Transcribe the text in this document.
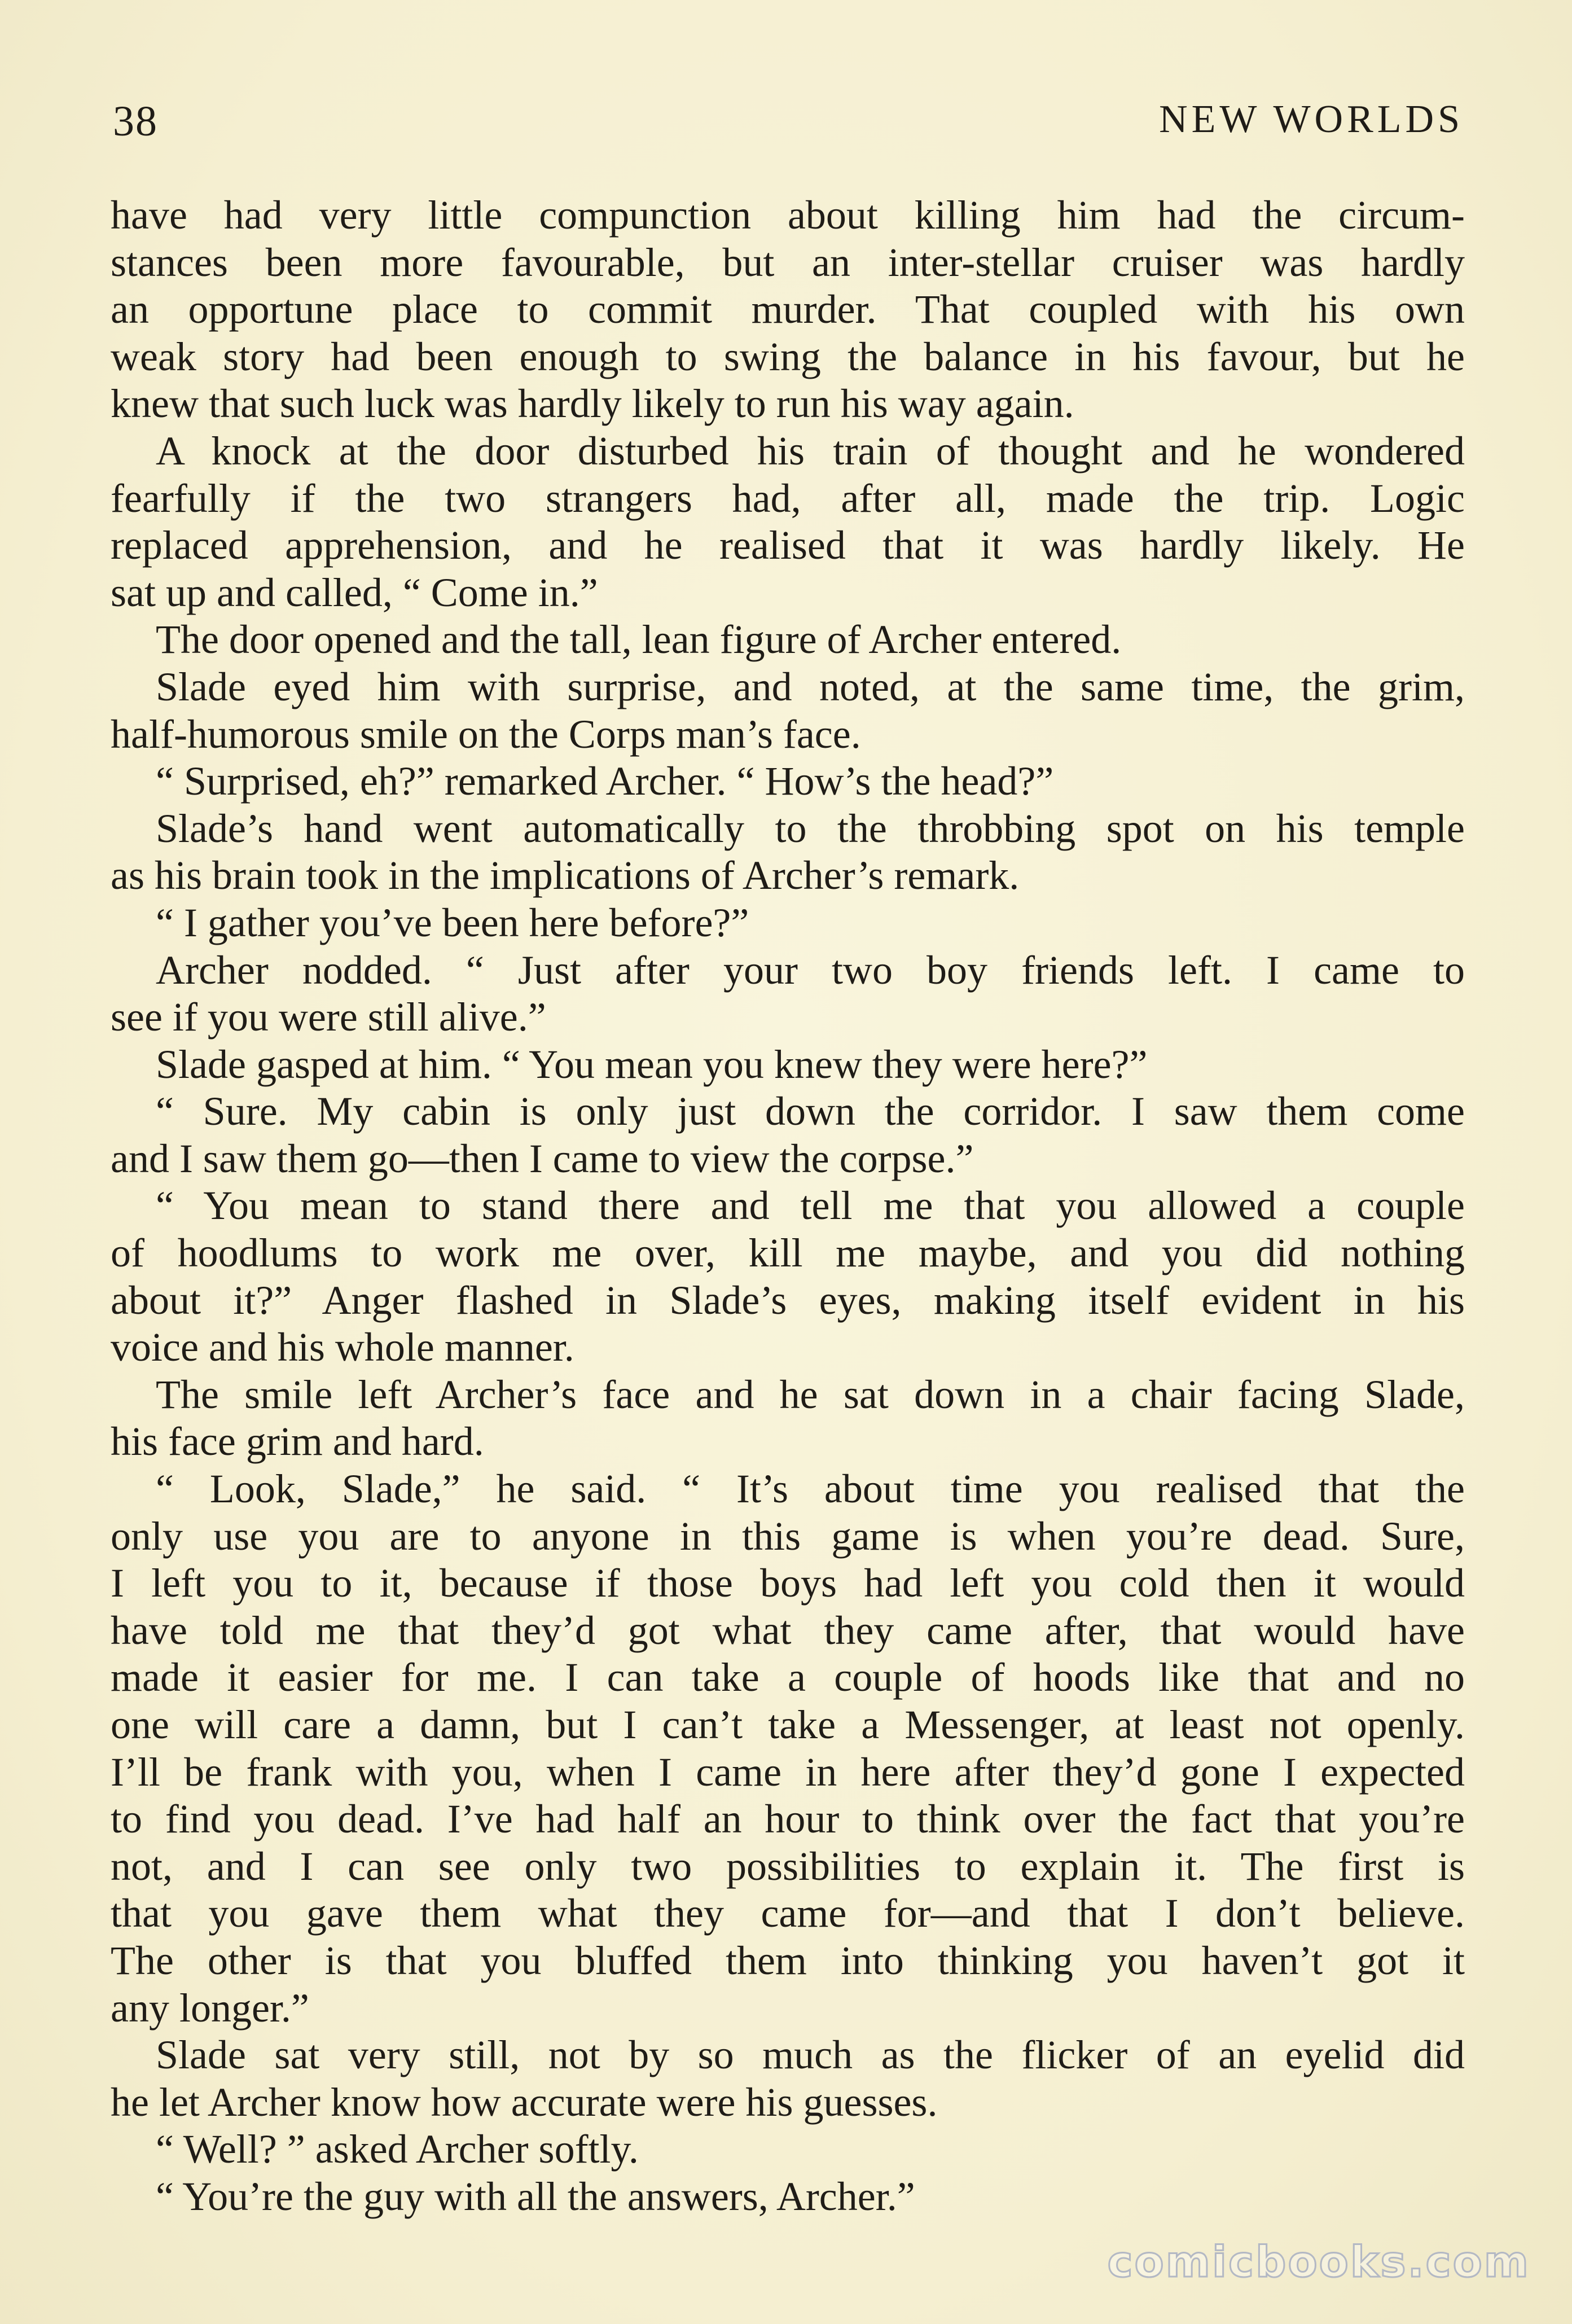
38	NEW WORLDS
have had very little compunction about killing him had the circum-
stances been more favourable, but an inter-stellar cruiser was hardly
an opportune place to commit murder. That coupled with his own
weak story had been enough to swing the balance in his favour, but he
knew that such luck was hardly likely to run his way again.
A knock at the door disturbed his train of thought and he wondered
fearfully if the two strangers had, after all, made the trip. Logic
replaced apprehension, and he realised that it was hardly likely. He
sat up and called, “ Come in.”
The door opened and the tall, lean figure of Archer entered.
Slade eyed him with surprise, and noted, at the same time, the grim,
half-humorous smile on the Corps man’s face.
“ Surprised, eh?” remarked Archer. “ How’s the head?”
Slade’s hand went automatically to the throbbing spot on his temple
as his brain took in the implications of Archer’s remark.
“ I gather you’ve been here before?”
Archer nodded. “ Just after your two boy friends left. I came to
see if you were still alive.”
Slade gasped at him. “ You mean you knew they were here?”
“ Sure. My cabin is only just down the corridor. I saw them come
and I saw them go—then I came to view the corpse.”
“ You mean to stand there and tell me that you allowed a couple
of hoodlums to work me over, kill me maybe, and you did nothing
about it?” Anger flashed in Slade’s eyes, making itself evident in his
voice and his whole manner.
The smile left Archer’s face and he sat down in a chair facing Slade,
his face grim and hard.
“ Look, Slade,” he said. “ It’s about time you realised that the
only use you are to anyone in this game is when you’re dead. Sure,
I left you to it, because if those boys had left you cold then it would
have told me that they’d got what they came after, that would have
made it easier for me. I can take a couple of hoods like that and no
one will care a damn, but I can’t take a Messenger, at least not openly.
I’ll be frank with you, when I came in here after they’d gone I expected
to find you dead. I’ve had half an hour to think over the fact that you’re
not, and I can see only two possibilities to explain it. The first is
that you gave them what they came for—and that I don’t believe.
The other is that you bluffed them into thinking you haven’t got it
any longer.”
Slade sat very still, not by so much as the flicker of an eyelid did
he let Archer know how accurate were his guesses.
“ Well? ” asked Archer softly.
“ You’re the guy with all the answers, Archer.”
comicbooks.com
